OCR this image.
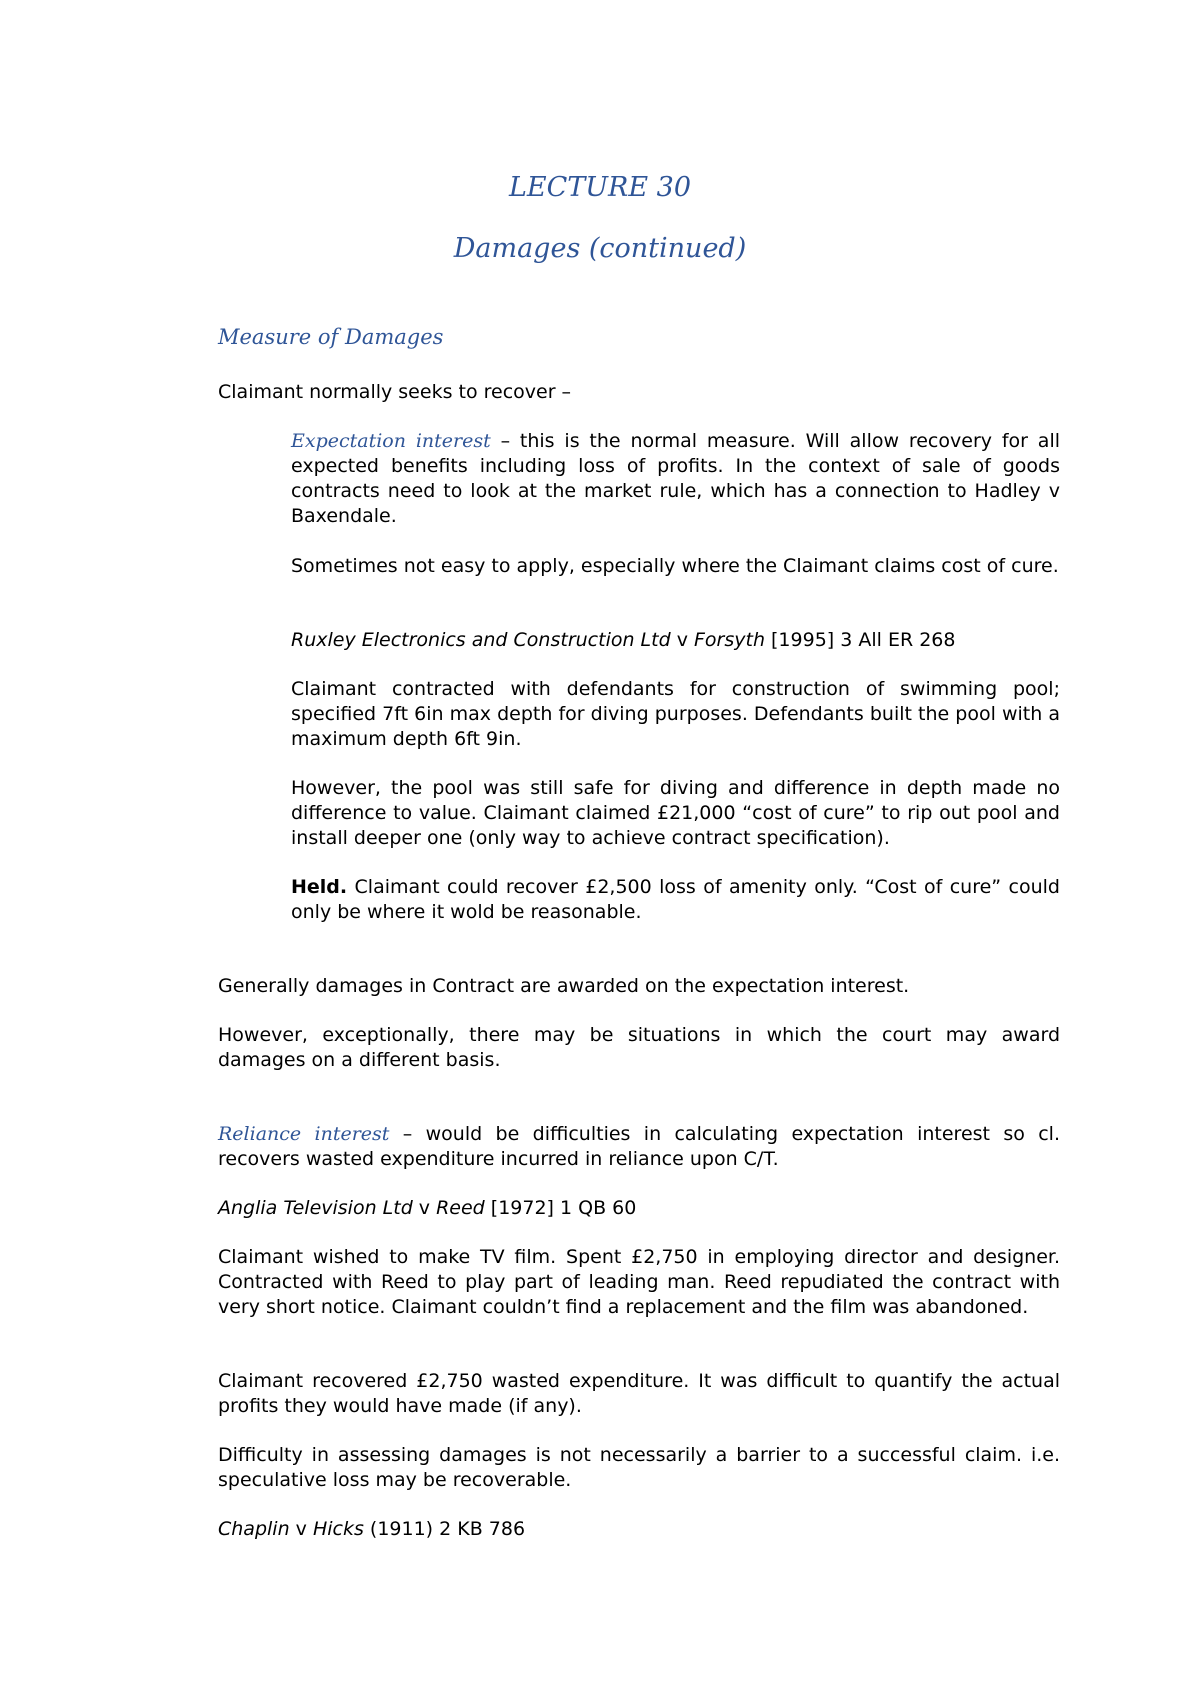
LECTURE 30
Damages (continued)
Measure of Damages

Claimant normally seeks to recover –

Expectation interest – this is the normal measure. Will allow recovery for all expected benefits including loss of profits. In the context of sale of goods contracts need to look at the market rule, which has a connection to Hadley v Baxendale.

Sometimes not easy to apply, especially where the Claimant claims cost of cure.

Ruxley Electronics and Construction Ltd v Forsyth [1995] 3 All ER 268

Claimant contracted with defendants for construction of swimming pool; specified 7ft 6in max depth for diving purposes. Defendants built the pool with a maximum depth 6ft 9in.

However, the pool was still safe for diving and difference in depth made no difference to value. Claimant claimed £21,000 “cost of cure” to rip out pool and install deeper one (only way to achieve contract specification).

Held. Claimant could recover £2,500 loss of amenity only. “Cost of cure” could only be where it wold be reasonable.

Generally damages in Contract are awarded on the expectation interest.

However, exceptionally, there may be situations in which the court may award damages on a different basis.

Reliance interest – would be difficulties in calculating expectation interest so cl. recovers wasted expenditure incurred in reliance upon C/T.

Anglia Television Ltd v Reed [1972] 1 QB 60

Claimant wished to make TV film. Spent £2,750 in employing director and designer. Contracted with Reed to play part of leading man. Reed repudiated the contract with very short notice. Claimant couldn’t find a replacement and the film was abandoned.

Claimant recovered £2,750 wasted expenditure. It was difficult to quantify the actual profits they would have made (if any).

Difficulty in assessing damages is not necessarily a barrier to a successful claim. i.e. speculative loss may be recoverable.

Chaplin v Hicks (1911) 2 KB 786
